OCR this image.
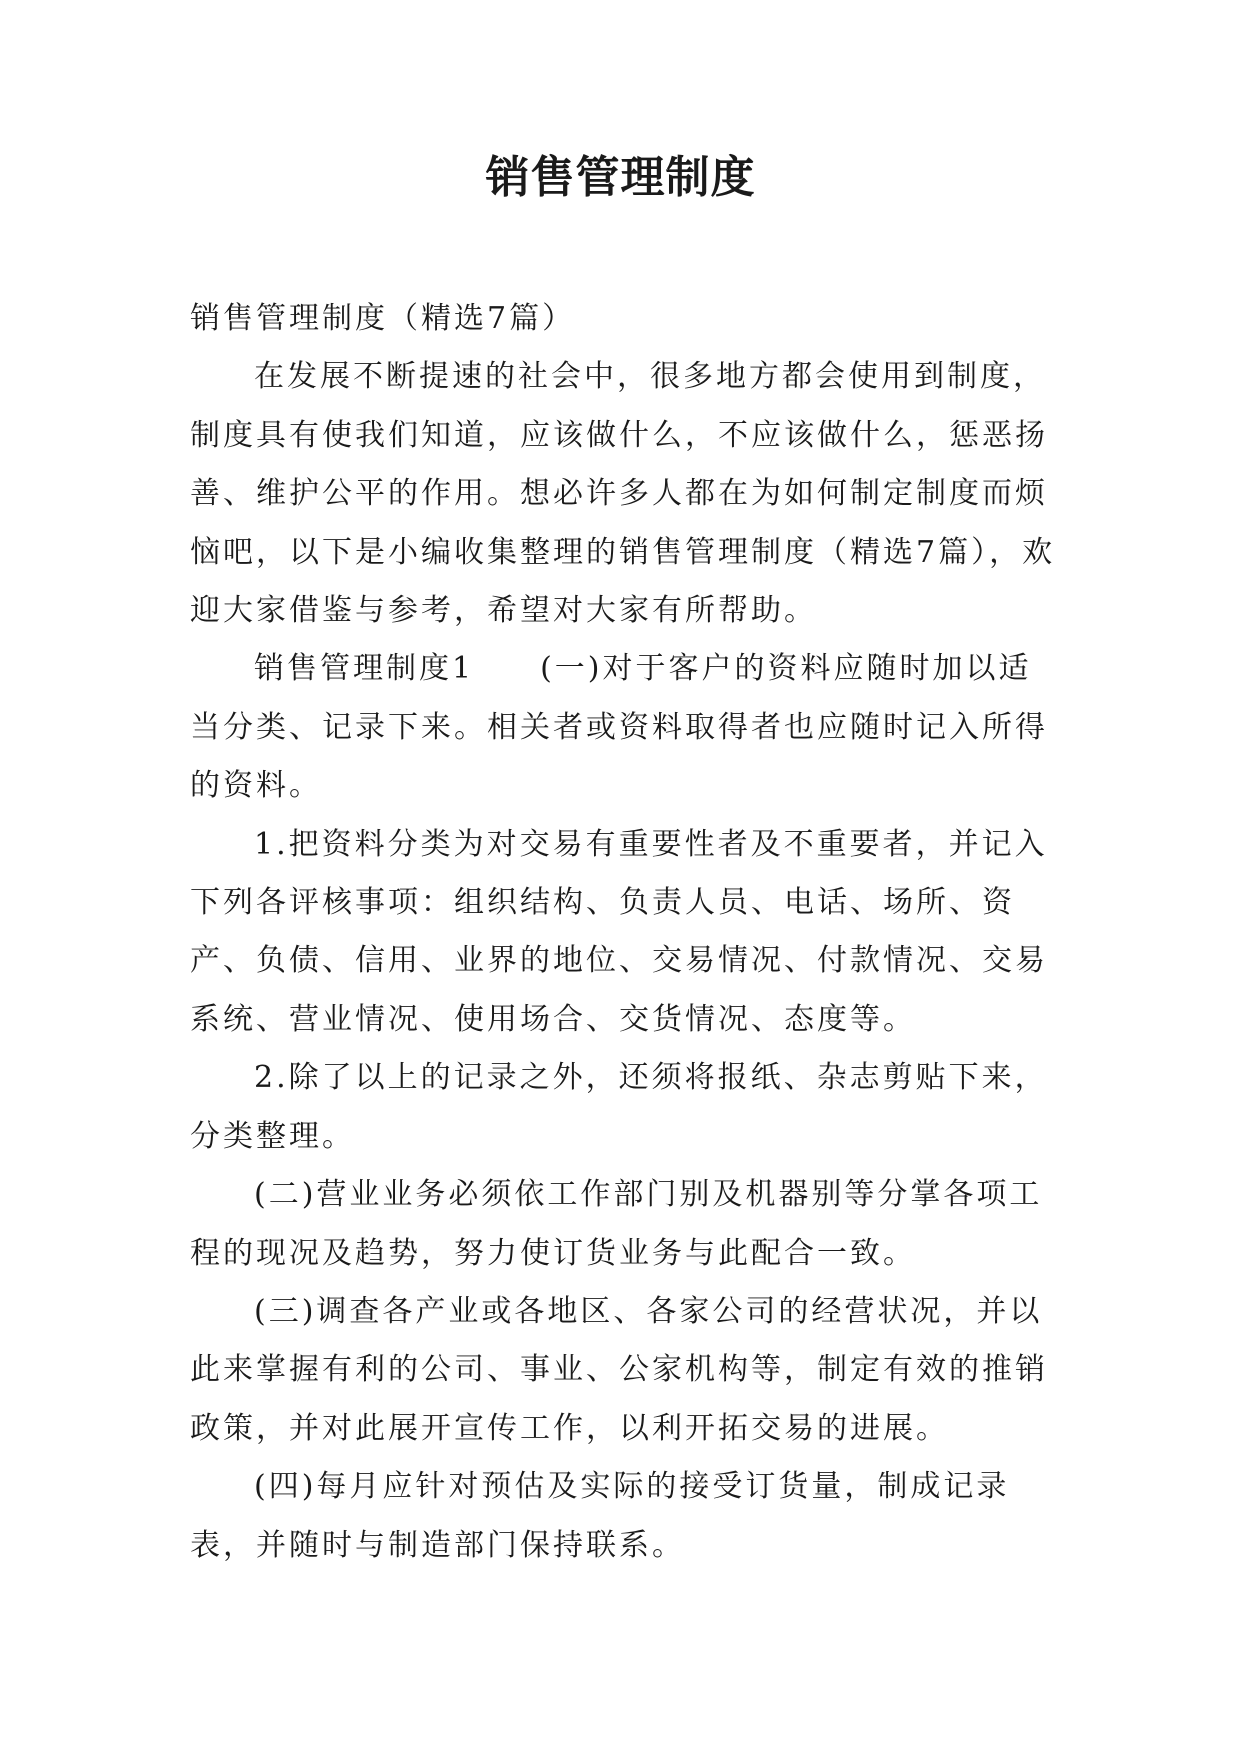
销售管理制度

销售管理制度（精选7篇）

在发展不断提速的社会中，很多地方都会使用到制度，制度具有使我们知道，应该做什么，不应该做什么，惩恶扬善、维护公平的作用。想必许多人都在为如何制定制度而烦恼吧，以下是小编收集整理的销售管理制度（精选7篇），欢迎大家借鉴与参考，希望对大家有所帮助。

销售管理制度1　　(一)对于客户的资料应随时加以适当分类、记录下来。相关者或资料取得者也应随时记入所得的资料。

1.把资料分类为对交易有重要性者及不重要者，并记入下列各评核事项：组织结构、负责人员、电话、场所、资产、负债、信用、业界的地位、交易情况、付款情况、交易系统、营业情况、使用场合、交货情况、态度等。

2.除了以上的记录之外，还须将报纸、杂志剪贴下来，分类整理。

(二)营业业务必须依工作部门别及机器别等分掌各项工程的现况及趋势，努力使订货业务与此配合一致。

(三)调查各产业或各地区、各家公司的经营状况，并以此来掌握有利的公司、事业、公家机构等，制定有效的推销政策，并对此展开宣传工作，以利开拓交易的进展。

(四)每月应针对预估及实际的接受订货量，制成记录表，并随时与制造部门保持联系。
